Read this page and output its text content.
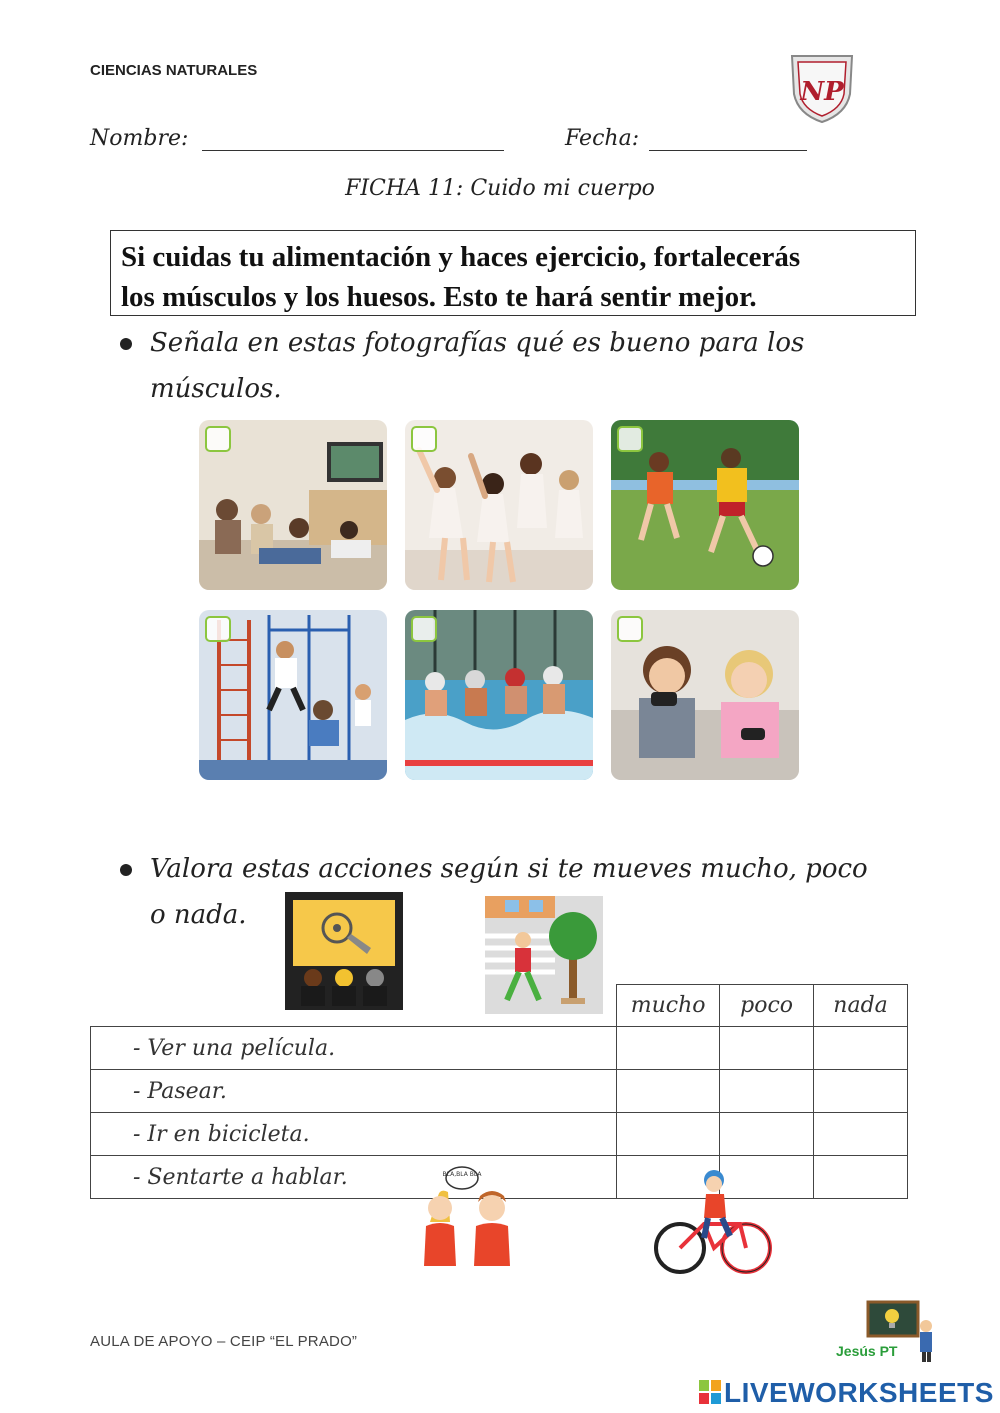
CIENCIAS NATURALES
NP
Nombre:	Fecha:
FICHA 11: Cuido mi cuerpo
Si cuidas tu alimentación y haces ejercicio, fortalecerás
los músculos y los huesos. Esto te hará sentir mejor.
Señala en estas fotografías qué es bueno para los
músculos.
Valora estas acciones según si te mueves mucho, poco
o nada.
	mucho	poco	nada
- Ver una película.	

- Pasear.	

- Ir en bicicleta.	

- Sentarte a hablar.	

		BLA,BLA BLA
AULA DE APOYO – CEIP “EL PRADO”
Jesús PT
LIVEWORKSHEETS
